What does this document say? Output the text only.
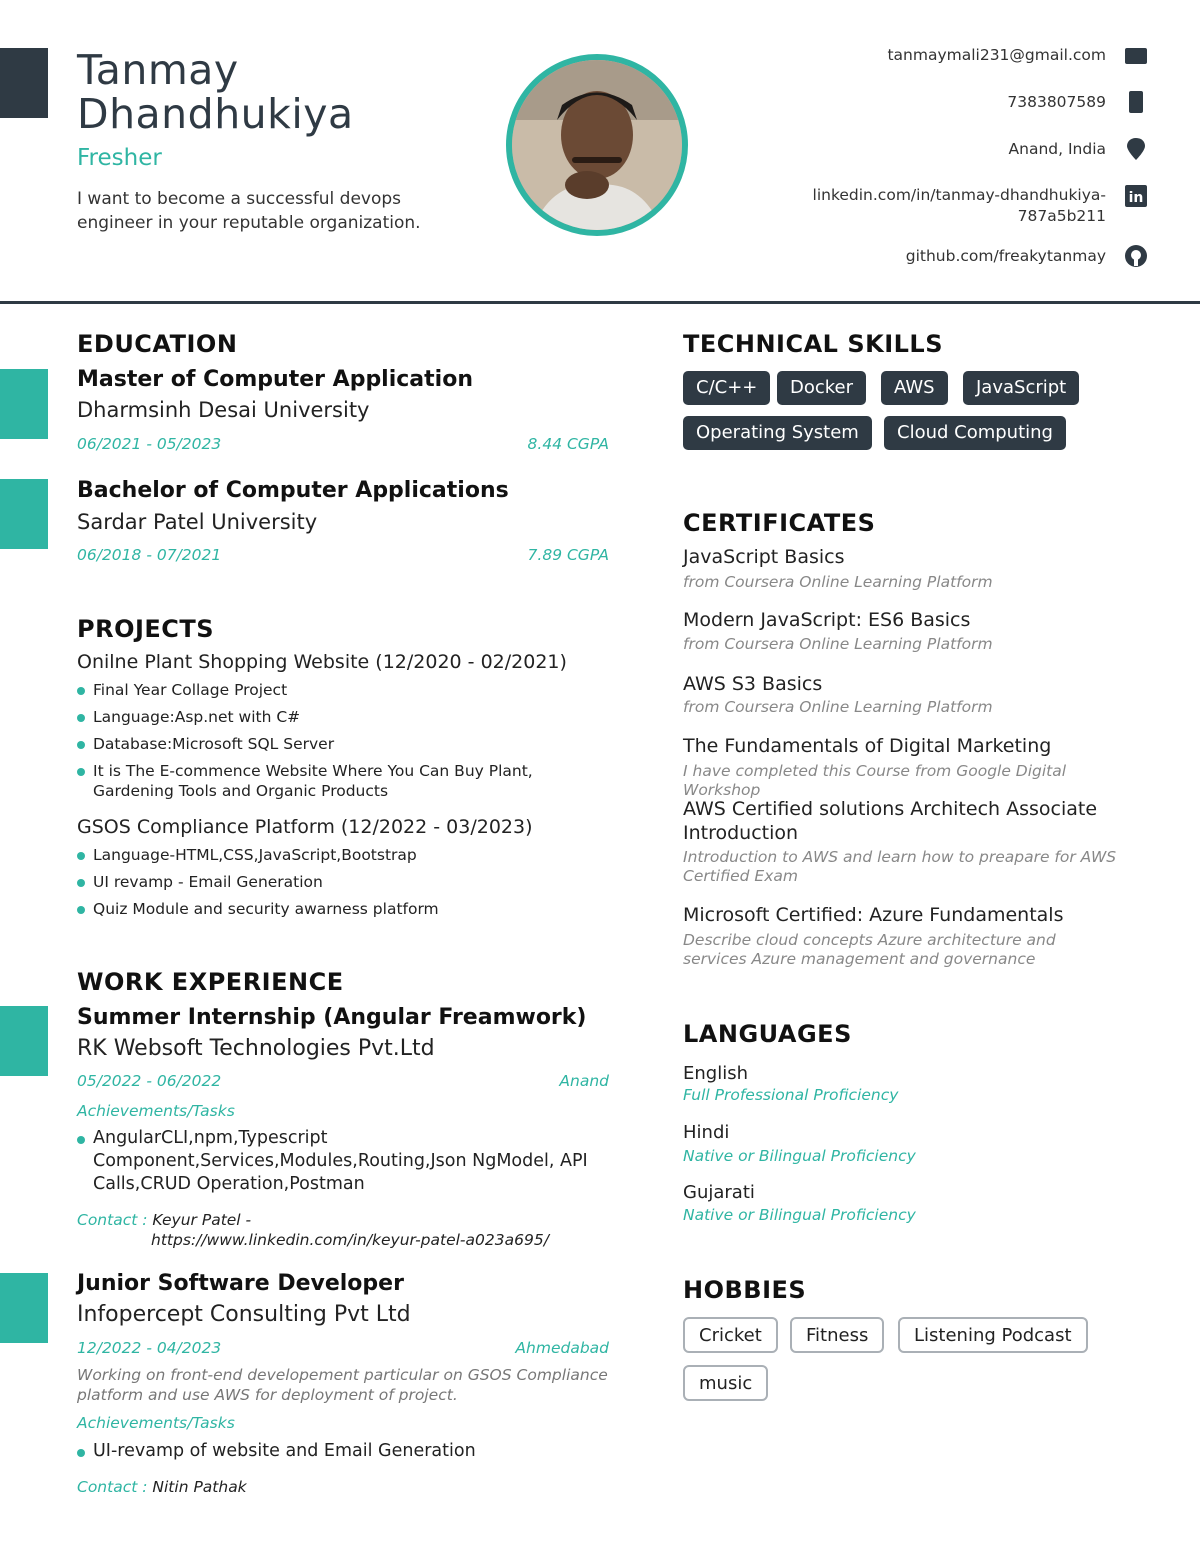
Tanmay
Dhandhukiya
Fresher
I want to become a successful devops engineer in your reputable organization.
tanmaymali231@gmail.com
7383807589
Anand, India
linkedin.com/in/tanmay-dhandhukiya-
787a5b211
in
github.com/freakytanmay
EDUCATION
Master of Computer Application
Dharmsinh Desai University
06/2021 - 05/2023	8.44 CGPA
Bachelor of Computer Applications
Sardar Patel University
06/2018 - 07/2021	7.89 CGPA
PROJECTS
Onilne Plant Shopping Website (12/2020 - 02/2021)
Final Year Collage Project
Language:Asp.net with C#
Database:Microsoft SQL Server
It is The E-commence Website Where You Can Buy Plant, Gardening Tools and Organic Products
GSOS Compliance Platform (12/2022 - 03/2023)
Language-HTML,CSS,JavaScript,Bootstrap
UI revamp - Email Generation
Quiz Module and security awarness platform
WORK EXPERIENCE
Summer Internship (Angular Freamwork)
RK Websoft Technologies Pvt.Ltd
05/2022 - 06/2022	Anand
Achievements/Tasks
AngularCLI,npm,Typescript Component,Services,Modules,Routing,Json NgModel, API Calls,CRUD Operation,Postman
Contact : Keyur Patel -
https://www.linkedin.com/in/keyur-patel-a023a695/
Junior Software Developer
Infopercept Consulting Pvt Ltd
12/2022 - 04/2023	Ahmedabad
Working on front-end developement particular on GSOS Compliance platform and use AWS for deployment of project.
Achievements/Tasks
UI-revamp of website and Email Generation
Contact : Nitin Pathak
TECHNICAL SKILLS
C/C++	Docker	AWS	JavaScript
Operating System	Cloud Computing
CERTIFICATES
JavaScript Basics
from Coursera Online Learning Platform
Modern JavaScript: ES6 Basics
from Coursera Online Learning Platform
AWS S3 Basics
from Coursera Online Learning Platform
The Fundamentals of Digital Marketing
I have completed this Course from Google Digital Workshop
AWS Certified solutions Architech Associate Introduction
Introduction to AWS and learn how to preapare for AWS Certified Exam
Microsoft Certified: Azure Fundamentals
Describe cloud concepts Azure architecture and services Azure management and governance
LANGUAGES
English
Full Professional Proficiency
Hindi
Native or Bilingual Proficiency
Gujarati
Native or Bilingual Proficiency
HOBBIES
Cricket	Fitness	Listening Podcast
music
